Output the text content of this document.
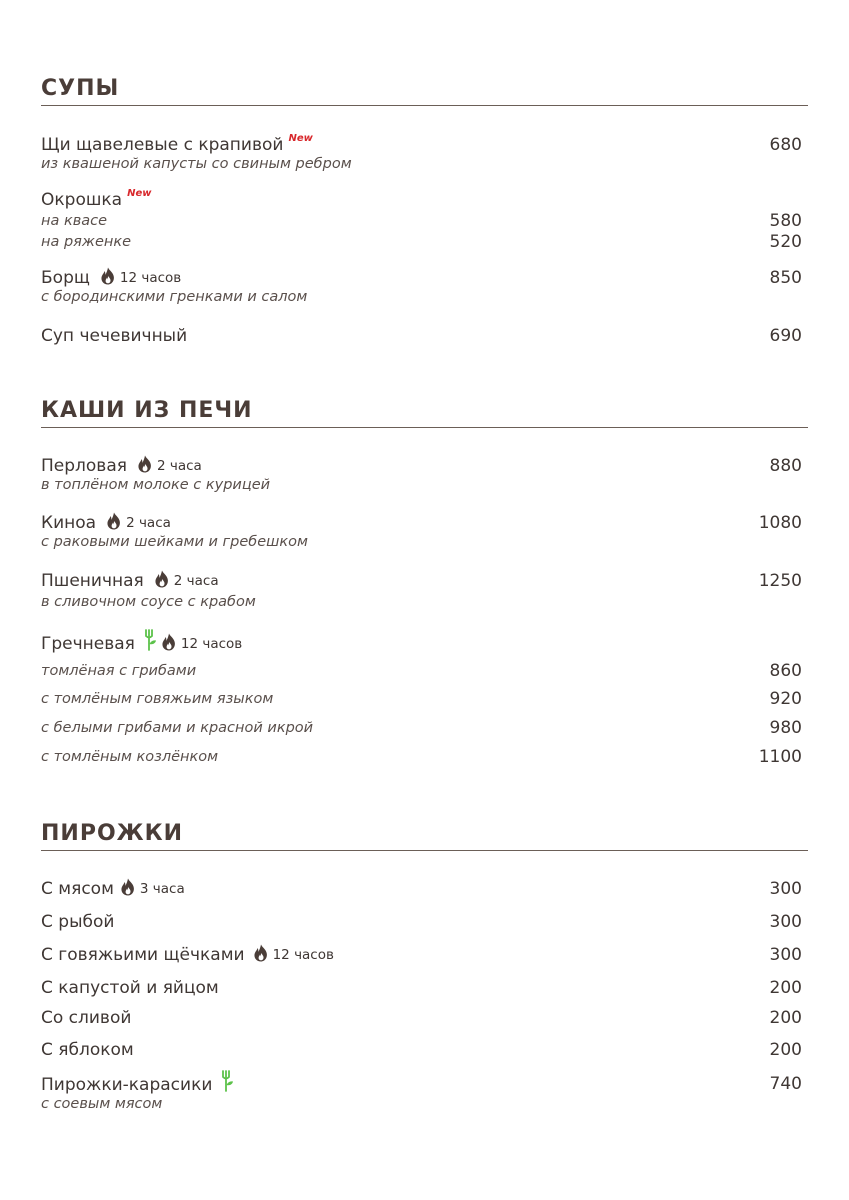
СУПЫ
Щи щавелевые с крапивой New	680
из квашеной капусты со свиным ребром
Окрошка New
на квасе	580
на ряженке	520
Борщ 12 часов	850
с бородинскими гренками и салом
Суп чечевичный	690
КАШИ ИЗ ПЕЧИ
Перловая 2 часа	880
в топлёном молоке с курицей
Киноа 2 часа	1080
с раковыми шейками и гребешком
Пшеничная 2 часа	1250
в сливочном соусе с крабом
Гречневая	12 часов
томлёная с грибами	860
с томлёным говяжьим языком	920
с белыми грибами и красной икрой	980
с томлёным козлёнком	1100
ПИРОЖКИ
С мясом 3 часа	300
С рыбой	300
С говяжьими щёчками 12 часов	300
С капустой и яйцом	200
Со сливой	200
С яблоком	200
Пирожки-карасики	740
с соевым мясом
